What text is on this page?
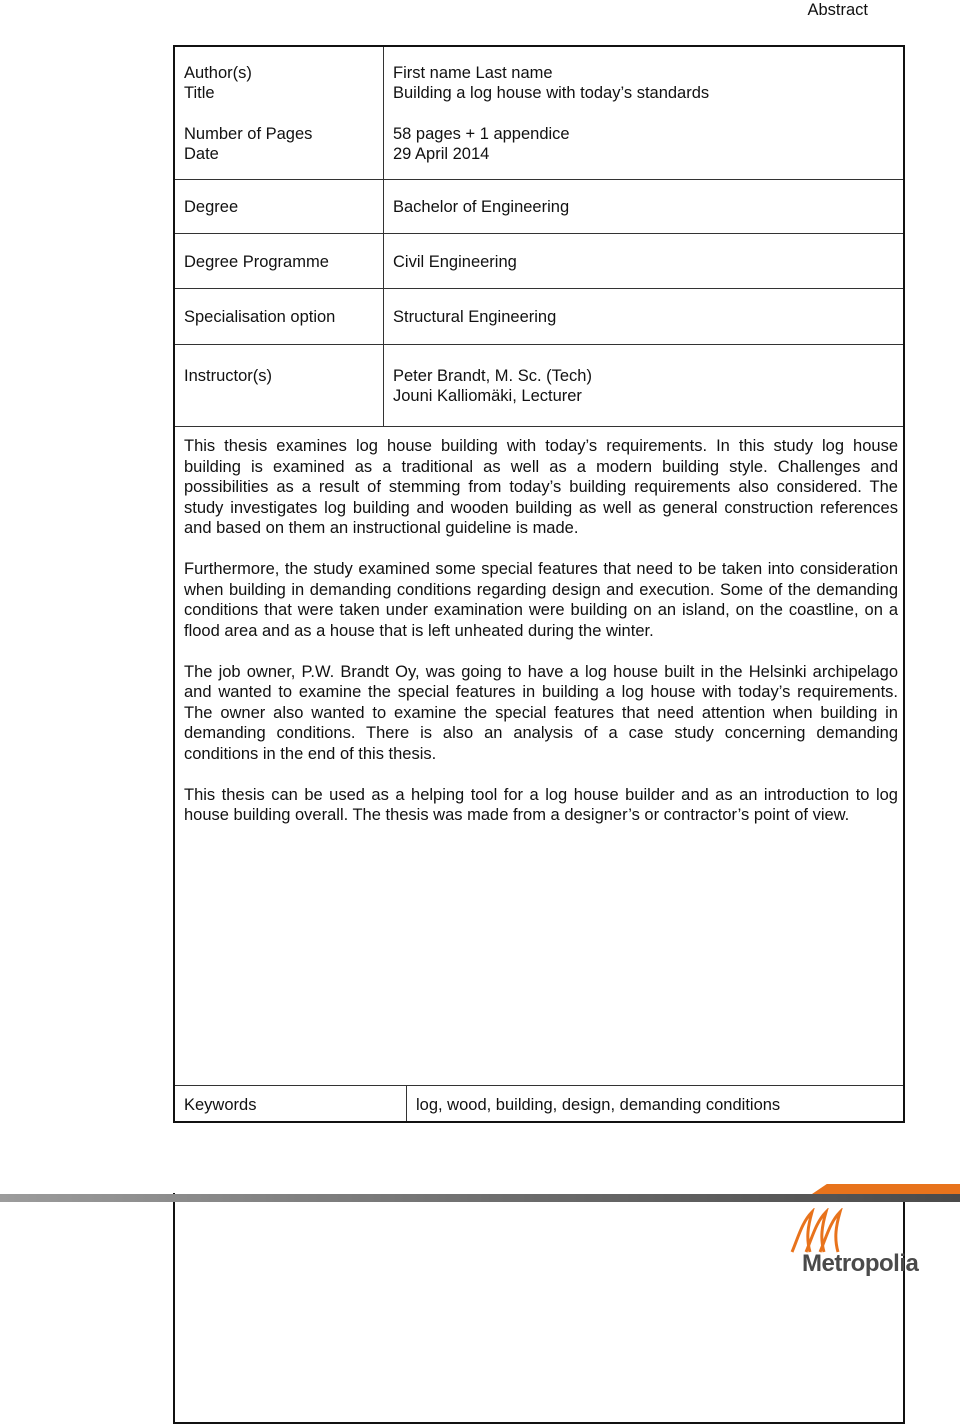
Abstract
Author(s)	First name Last name
Title	Building a log house with today’s standards
Number of Pages	58 pages + 1 appendice
Date	29 April 2014
Degree	Bachelor of Engineering
Degree Programme	Civil Engineering
Specialisation option	Structural Engineering
Instructor(s)	Peter Brandt, M. Sc. (Tech)
Jouni Kalliomäki, Lecturer

This thesis examines log house building with today’s requirements. In this study log house building is examined as a traditional as well as a modern building style. Challenges and possibilities as a result of stemming from today’s building requirements also considered. The study investigates log building and wooden building as well as general construction references and based on them an instructional guideline is made.

Furthermore, the study examined some special features that need to be taken into consideration when building in demanding conditions regarding design and execution. Some of the demanding conditions that were taken under examination were building on an island, on the coastline, on a flood area and as a house that is left unheated during the winter.

The job owner, P.W. Brandt Oy, was going to have a log house built in the Helsinki archipelago and wanted to examine the special features in building a log house with today’s requirements. The owner also wanted to examine the special features that need attention when building in demanding conditions. There is also an analysis of a case study concerning demanding conditions in the end of this thesis.

This thesis can be used as a helping tool for a log house builder and as an introduction to log house building overall. The thesis was made from a designer’s or contractor’s point of view.

Keywords	log, wood, building, design, demanding conditions
Metropolia
